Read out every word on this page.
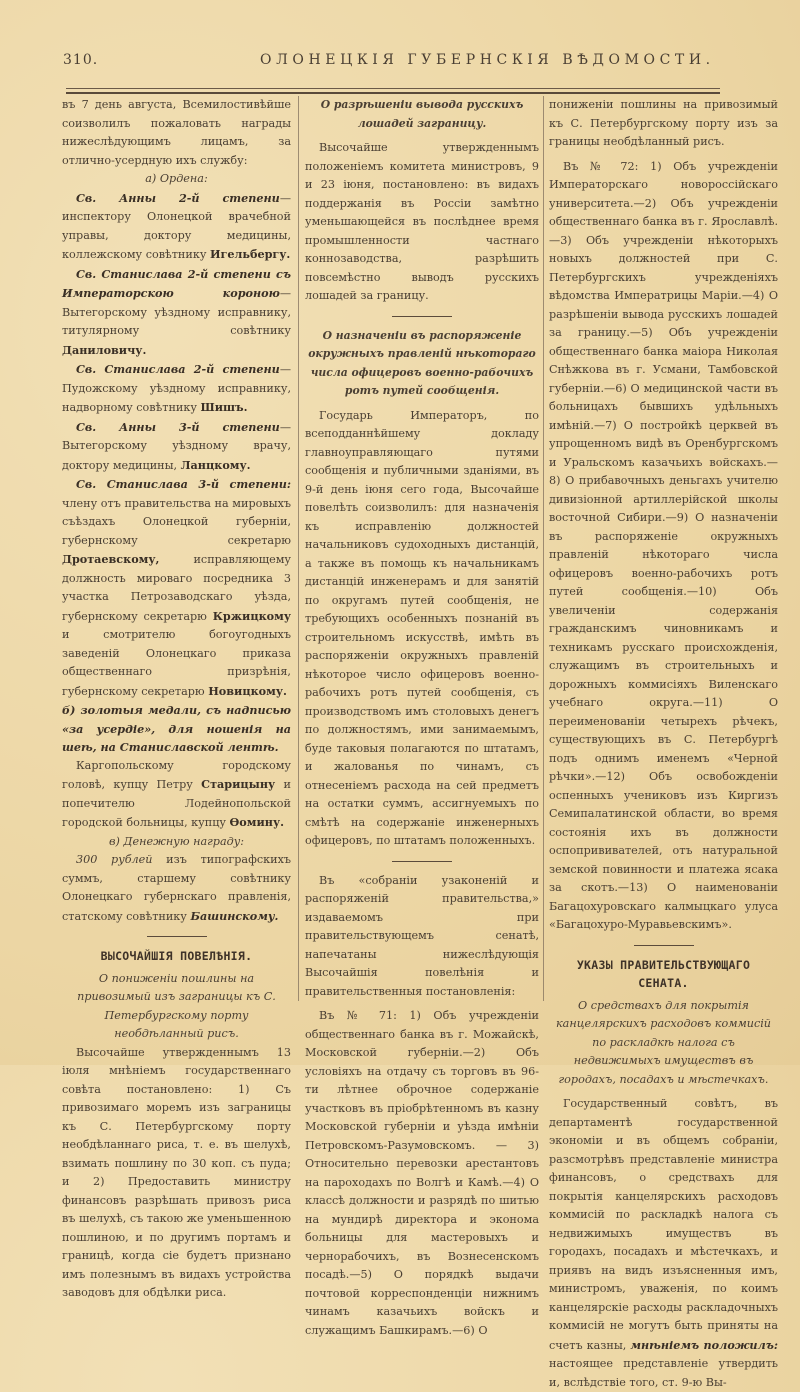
310.	ОЛОНЕЦКІЯ ГУБЕРНСКІЯ ВѢДОМОСТИ.

въ 7 день августа, Всемилостивѣйше соизволилъ пожаловать награды нижеслѣдующимъ лицамъ, за отлично-усердную ихъ службу:

а) Ордена:

Св. Анны 2-й степени—инспектору Олонецкой врачебной управы, доктору медицины, коллежскому совѣтнику Игельбергу.

Св. Станислава 2-й степени съ Императорскою короною—Вытегорскому уѣздному исправнику, титулярному совѣтнику Даниловичу.

Св. Станислава 2-й степени—Пудожскому уѣздному исправнику, надворному совѣтнику Шишъ.

Св. Анны 3-й степени—Вытегорскому уѣздному врачу, доктору медицины, Ланцкому.

Св. Станислава 3-й степени: члену отъ правительства на мировыхъ съѣздахъ Олонецкой губерніи, губернскому секретарю Дротаевскому, исправляющему должность мироваго посредника 3 участка Петрозаводскаго уѣзда, губернскому секретарю Кржицкому и смотрителю богоугодныхъ заведеній Олонецкаго приказа общественнаго призрѣнія, губернскому секретарю Новицкому.

б) золотыя медали, съ надписью «за усердіе», для ношенія на шеѣ, на Станиславской лентѣ.

Каргопольскому городскому головѣ, купцу Петру Старицыну и попечителю Лодейнопольской городской больницы, купцу Ѳомину.

в) Денежную награду:

300 рублей изъ типографскихъ суммъ, старшему совѣтнику Олонецкаго губернскаго правленія, статскому совѣтнику Башинскому.

ВЫСОЧАЙШІЯ ПОВЕЛѢНІЯ.

О пониженіи пошлины на привозимый изъ заграницы къ С. Петербургскому порту необдѣланный рисъ.

Высочайше утвержденнымъ 13 іюля мнѣніемъ государственнаго совѣта постановлено: 1) Съ привозимаго моремъ изъ заграницы къ С. Петербургскому порту необдѣланнаго риса, т. е. въ шелухѣ, взимать пошлину по 30 коп. съ пуда; и 2) Предоставить министру финансовъ разрѣшать привозъ риса въ шелухѣ, съ такою же уменьшенною пошлиною, и по другимъ портамъ и границѣ, когда сіе будетъ признано имъ полезнымъ въ видахъ устройства заводовъ для обдѣлки риса.

О разрѣшеніи вывода русскихъ лошадей заграницу.

Высочайше утвержденнымъ положеніемъ комитета министровъ, 9 и 23 іюня, постановлено: въ видахъ поддержанія въ Россіи замѣтно уменьшающейся въ послѣднее время промышленности частнаго коннозаводства, разрѣшить повсемѣстно выводъ русскихъ лошадей за границу.

О назначеніи въ распоряженіе окружныхъ правленій нѣкотораго числа офицеровъ военно-рабочихъ ротъ путей сообщенія.

Государь Императоръ, по всеподданнѣйшему докладу главноуправляющаго путями сообщенія и публичными зданіями, въ 9-й день іюня сего года, Высочайше повелѣть соизволилъ: для назначенія къ исправленію должностей начальниковъ судоходныхъ дистанцій, а также въ помощь къ начальникамъ дистанцій инженерамъ и для занятій по округамъ путей сообщенія, не требующихъ особенныхъ познаній въ строительномъ искусствѣ, имѣть въ распоряженіи окружныхъ правленій нѣкоторое число офицеровъ военно-рабочихъ ротъ путей сообщенія, съ производствомъ имъ столовыхъ денегъ по должностямъ, ими занимаемымъ, буде таковыя полагаются по штатамъ, и жалованья по чинамъ, съ отнесеніемъ расхода на сей предметъ на остатки суммъ, ассигнуемыхъ по смѣтѣ на содержаніе инженерныхъ офицеровъ, по штатамъ положенныхъ.

Въ «собраніи узаконеній и распоряженій правительства,» издаваемомъ при правительствующемъ сенатѣ, напечатаны нижеслѣдующія Высочайшія повелѣнія и правительственныя постановленія:

Въ № 71: 1) Объ учрежденіи общественнаго банка въ г. Можайскѣ, Московской губерніи.—2) Объ условіяхъ на отдачу съ торговъ въ 96-ти лѣтнее оброчное содержаніе участковъ въ пріобрѣтенномъ въ казну Московской губерніи и уѣзда имѣніи Петровскомъ-Разумовскомъ. — 3) Относительно перевозки арестантовъ на пароходахъ по Волгѣ и Камѣ.—4) О классѣ должности и разрядѣ по шитью на мундирѣ директора и эконома больницы для мастеровыхъ и чернорабочихъ, въ Вознесенскомъ посадѣ.—5) О порядкѣ выдачи почтовой корреспонденціи нижнимъ чинамъ казачьихъ войскъ и служащимъ Башкирамъ.—6) О

пониженіи пошлины на привозимый къ С. Петербургскому порту изъ за границы необдѣланный рисъ.

Въ № 72: 1) Объ учрежденіи Императорскаго новороссійскаго университета.—2) Объ учрежденіи общественнаго банка въ г. Ярославлѣ.—3) Объ учрежденіи нѣкоторыхъ новыхъ должностей при С. Петербургскихъ учрежденіяхъ вѣдомства Императрицы Маріи.—4) О разрѣшеніи вывода русскихъ лошадей за границу.—5) Объ учрежденіи общественнаго банка маіора Николая Снѣжкова въ г. Усмани, Тамбовской губерніи.—6) О медицинской части въ больницахъ бывшихъ удѣльныхъ имѣній.—7) О постройкѣ церквей въ упрощенномъ видѣ въ Оренбургскомъ и Уральскомъ казачьихъ войскахъ.—8) О прибавочныхъ деньгахъ учителю дивизіонной артиллерійской школы восточной Сибири.—9) О назначеніи въ распоряженіе окружныхъ правленій нѣкотораго числа офицеровъ военно-рабочихъ ротъ путей сообщенія.—10) Объ увеличеніи содержанія гражданскимъ чиновникамъ и техникамъ русскаго происхожденія, служащимъ въ строительныхъ и дорожныхъ коммисіяхъ Виленскаго учебнаго округа.—11) О переименованіи четырехъ рѣчекъ, существующихъ въ С. Петербургѣ подъ однимъ именемъ «Черной рѣчки».—12) Объ освобожденіи оспенныхъ учениковъ изъ Киргизъ Семипалатинской области, во время состоянія ихъ въ должности оспопрививателей, отъ натуральной земской повинности и платежа ясака за скотъ.—13) О наименованіи Багацохуровскаго калмыцкаго улуса «Багацохуро-Муравьевскимъ».

УКАЗЫ ПРАВИТЕЛЬСТВУЮЩАГО СЕНАТА.

О средствахъ для покрытія канцелярскихъ расходовъ коммисій по раскладкѣ налога съ недвижимыхъ имуществъ въ городахъ, посадахъ и мѣстечкахъ.

Государственный совѣтъ, въ департаментѣ государственной экономіи и въ общемъ собраніи, разсмотрѣвъ представленіе министра финансовъ, о средствахъ для покрытія канцелярскихъ расходовъ коммисій по раскладкѣ налога съ недвижимыхъ имуществъ въ городахъ, посадахъ и мѣстечкахъ, и приявъ на видъ изъясненныя имъ, министромъ, уваженія, по коимъ канцелярскіе расходы раскладочныхъ коммисій не могутъ быть приняты на счетъ казны, мнѣніемъ положилъ: настоящее представленіе утвердить и, вслѣдствіе того, ст. 9-ю Вы-
